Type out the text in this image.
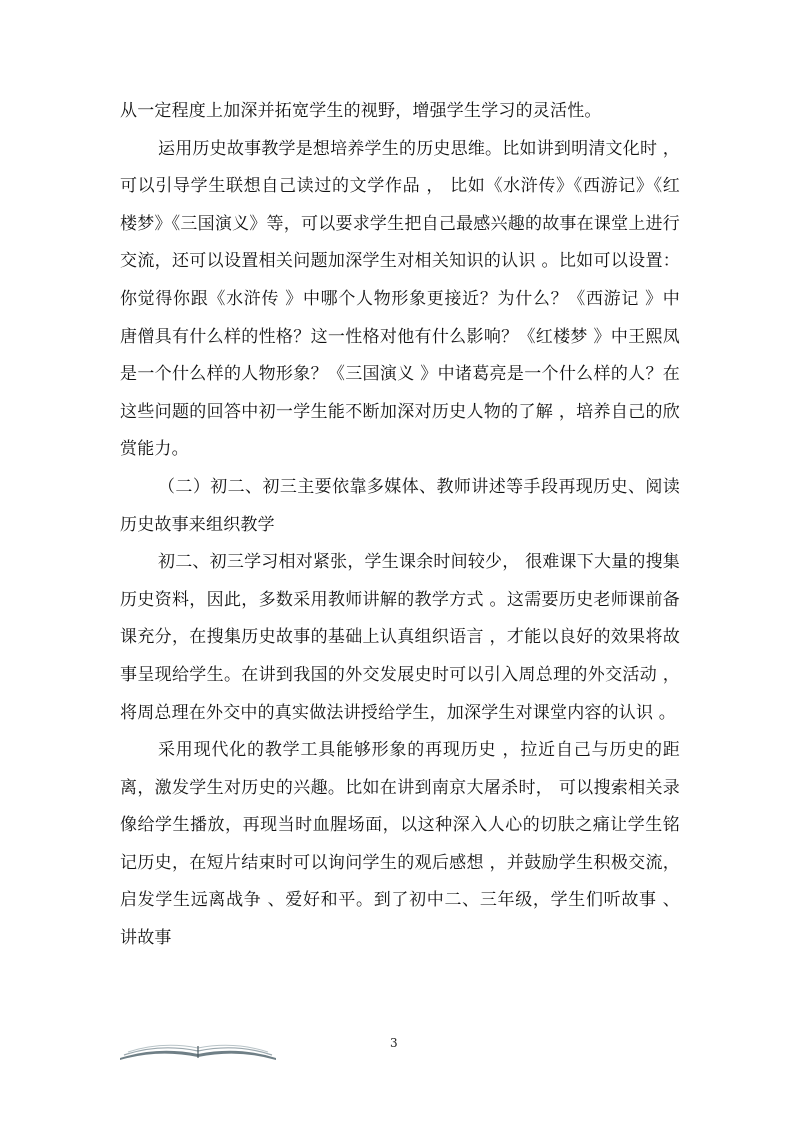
从一定程度上加深并拓宽学生的视野，增强学生学习的灵活性。

运用历史故事教学是想培养学生的历史思维。比如讲到明清文化时 ，可以引导学生联想自己读过的文学作品 ， 比如《水浒传》《西游记》《红楼梦》《三国演义》等，可以要求学生把自己最感兴趣的故事在课堂上进行交流，还可以设置相关问题加深学生对相关知识的认识 。比如可以设置：你觉得你跟《水浒传 》中哪个人物形象更接近？为什么？《西游记 》中唐僧具有什么样的性格？这一性格对他有什么影响？《红楼梦 》中王熙凤是一个什么样的人物形象？《三国演义 》中诸葛亮是一个什么样的人？在这些问题的回答中初一学生能不断加深对历史人物的了解 ，培养自己的欣赏能力。

（二）初二、初三主要依靠多媒体、教师讲述等手段再现历史、阅读历史故事来组织教学

初二、初三学习相对紧张，学生课余时间较少， 很难课下大量的搜集历史资料，因此，多数采用教师讲解的教学方式 。这需要历史老师课前备课充分，在搜集历史故事的基础上认真组织语言 ，才能以良好的效果将故事呈现给学生。在讲到我国的外交发展史时可以引入周总理的外交活动 ，将周总理在外交中的真实做法讲授给学生，加深学生对课堂内容的认识 。

采用现代化的教学工具能够形象的再现历史 ，拉近自己与历史的距离，激发学生对历史的兴趣。比如在讲到南京大屠杀时， 可以搜索相关录像给学生播放，再现当时血腥场面，以这种深入人心的切肤之痛让学生铭记历史，在短片结束时可以询问学生的观后感想 ，并鼓励学生积极交流，启发学生远离战争 、爱好和平。到了初中二、三年级，学生们听故事 、讲故事

3
